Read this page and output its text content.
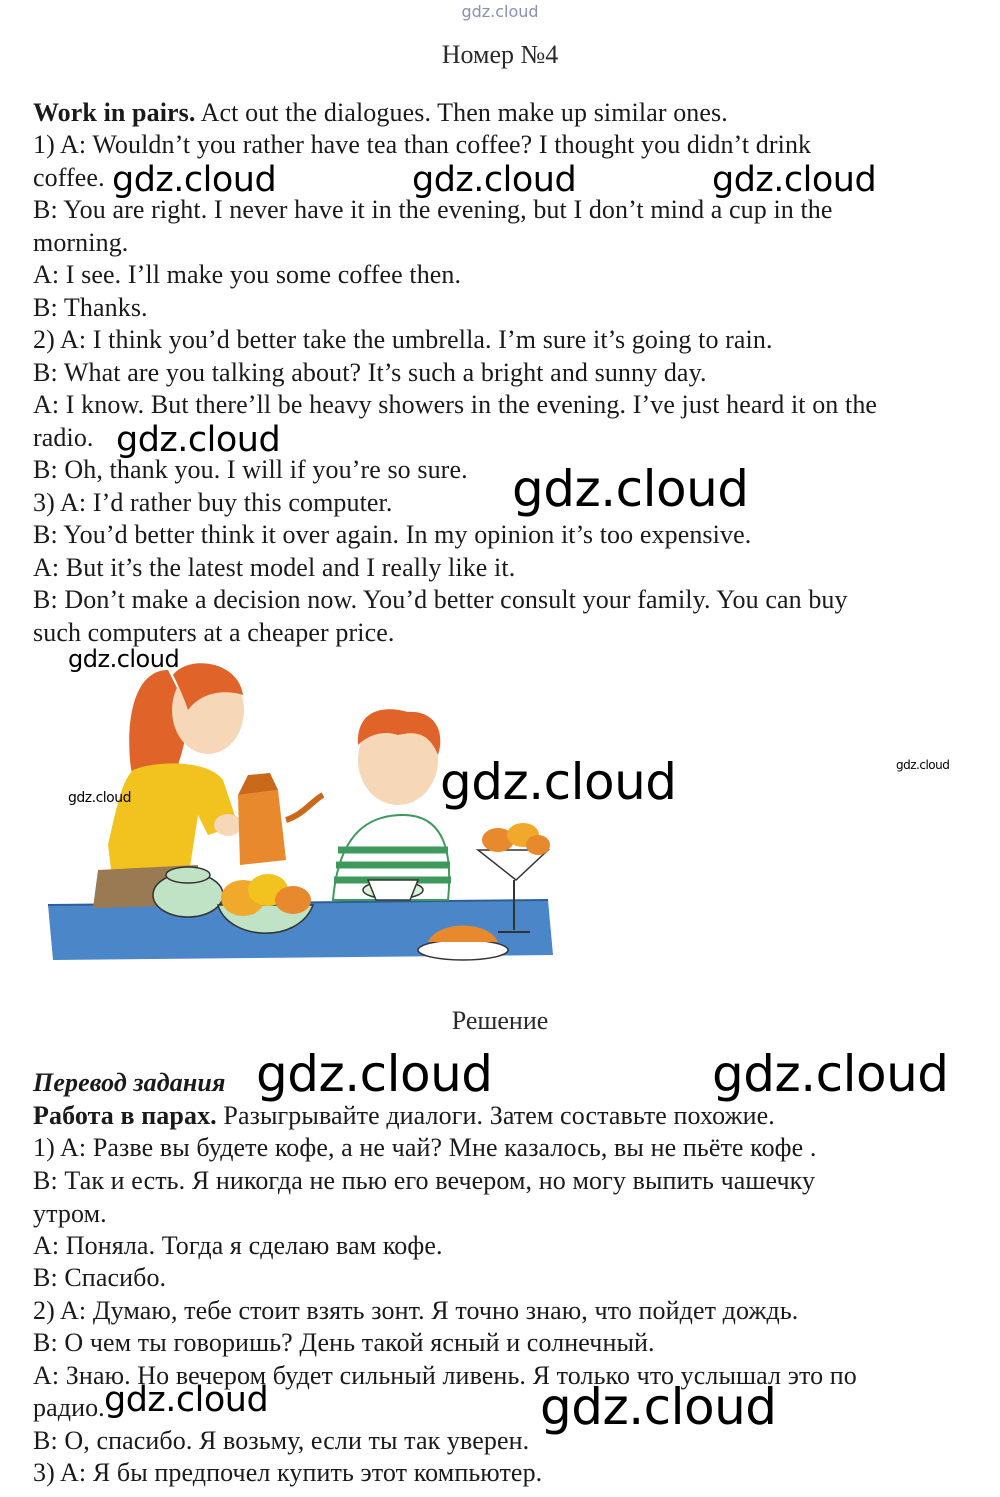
gdz.cloud
Номер №4
Work in pairs. Act out the dialogues. Then make up similar ones.
1) A: Wouldn’t you rather have tea than coffee? I thought you didn’t drink
coffee.
B: You are right. I never have it in the evening, but I don’t mind a cup in the
morning.
A: I see. I’ll make you some coffee then.
B: Thanks.
2) A: I think you’d better take the umbrella. I’m sure it’s going to rain.
B: What are you talking about? It’s such a bright and sunny day.
A: I know. But there’ll be heavy showers in the evening. I’ve just heard it on the
radio.
B: Oh, thank you. I will if you’re so sure.
3) A: I’d rather buy this computer.
B: You’d better think it over again. In my opinion it’s too expensive.
A: But it’s the latest model and I really like it.
B: Don’t make a decision now. You’d better consult your family. You can buy
such computers at a cheaper price.
Решение
Перевод задания
Работа в парах. Разыгрывайте диалоги. Затем составьте похожие.
1) A: Разве вы будете кофе, а не чай? Мне казалось, вы не пьёте кофе .
B: Так и есть. Я никогда не пью его вечером, но могу выпить чашечку
утром.
A: Поняла. Тогда я сделаю вам кофе.
B: Спасибо.
2) A: Думаю, тебе стоит взять зонт. Я точно знаю, что пойдет дождь.
B: О чем ты говоришь? День такой ясный и солнечный.
A: Знаю. Но вечером будет сильный ливень. Я только что услышал это по
радио.
B: О, спасибо. Я возьму, если ты так уверен.
3) A: Я бы предпочел купить этот компьютер.
gdz.cloud	gdz.cloud	gdz.cloud
gdz.cloud
gdz.cloud
gdz.cloud
gdz.cloud	gdz.cloud
gdz.cloud
gdz.cloud	gdz.cloud
gdz.cloud	gdz.cloud
